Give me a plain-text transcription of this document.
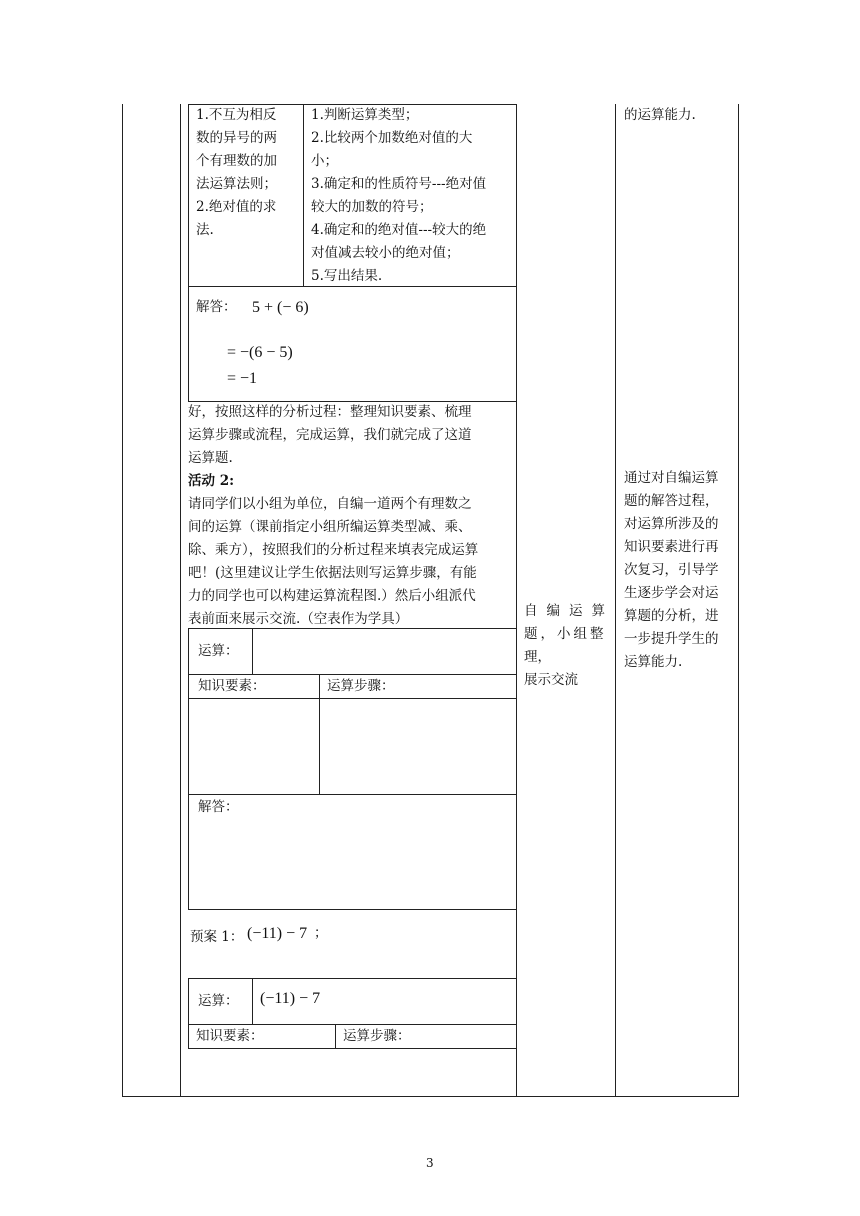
1.不互为相反
数的异号的两
个有理数的加
法运算法则；
2.绝对值的求
法.
1.判断运算类型；
2.比较两个加数绝对值的大
小；
3.确定和的性质符号---绝对值
较大的加数的符号；
4.确定和的绝对值---较大的绝
对值减去较小的绝对值；
5.写出结果.
解答： 5 + (− 6)
= −(6 − 5)
= −1
好，按照这样的分析过程：整理知识要素、梳理
运算步骤或流程，完成运算，我们就完成了这道
运算题.
活动 2:
请同学们以小组为单位，自编一道两个有理数之
间的运算（课前指定小组所编运算类型减、乘、
除、乘方），按照我们的分析过程来填表完成运算
吧！(这里建议让学生依据法则写运算步骤，有能
力的同学也可以构建运算流程图.）然后小组派代
表前面来展示交流.（空表作为学具）
运算：
知识要素：	运算步骤：
解答：
预案 1： (−11) − 7 ；
运算： (−11) − 7
知识要素：	运算步骤：
自编运算
题，小组整
理，
展示交流
的运算能力.
通过对自编运算
题的解答过程，
对运算所涉及的
知识要素进行再
次复习，引导学
生逐步学会对运
算题的分析，进
一步提升学生的
运算能力.
3
